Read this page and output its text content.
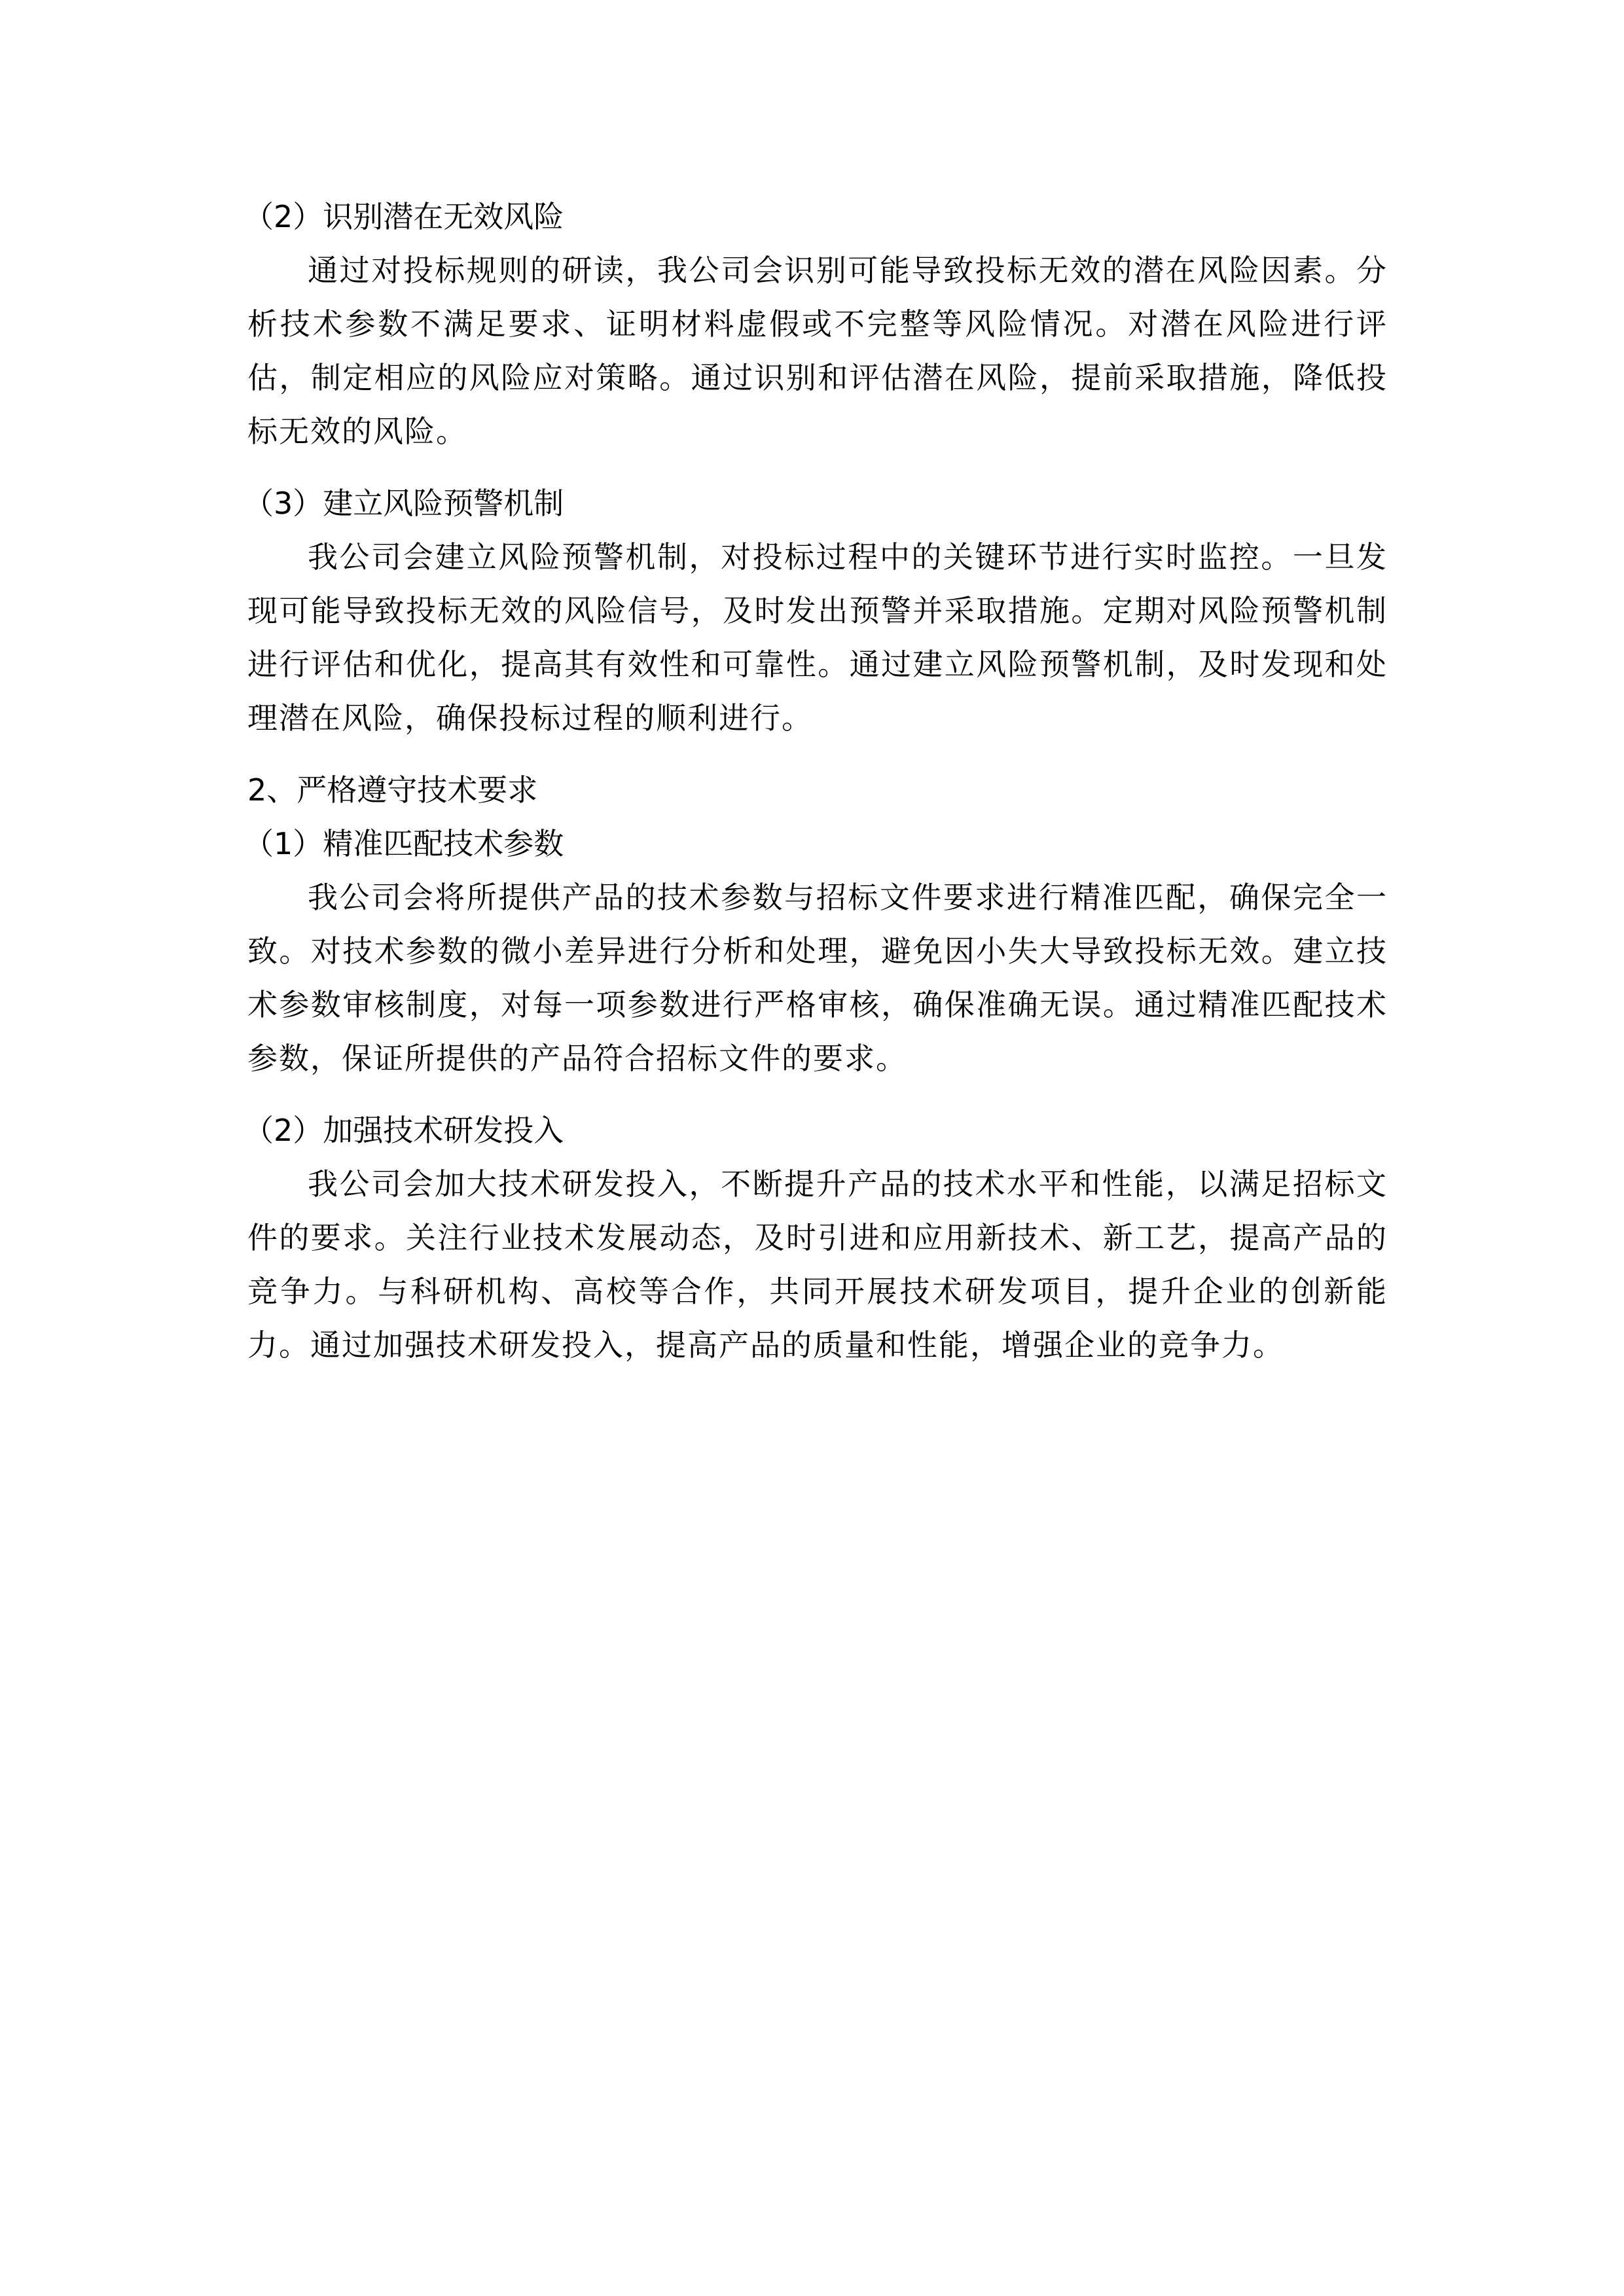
（2）识别潜在无效风险

通过对投标规则的研读，我公司会识别可能导致投标无效的潜在风险因素。分析技术参数不满足要求、证明材料虚假或不完整等风险情况。对潜在风险进行评估，制定相应的风险应对策略。通过识别和评估潜在风险，提前采取措施，降低投标无效的风险。

（3）建立风险预警机制

我公司会建立风险预警机制，对投标过程中的关键环节进行实时监控。一旦发现可能导致投标无效的风险信号，及时发出预警并采取措施。定期对风险预警机制进行评估和优化，提高其有效性和可靠性。通过建立风险预警机制，及时发现和处理潜在风险，确保投标过程的顺利进行。

2、严格遵守技术要求

（1）精准匹配技术参数

我公司会将所提供产品的技术参数与招标文件要求进行精准匹配，确保完全一致。对技术参数的微小差异进行分析和处理，避免因小失大导致投标无效。建立技术参数审核制度，对每一项参数进行严格审核，确保准确无误。通过精准匹配技术参数，保证所提供的产品符合招标文件的要求。

（2）加强技术研发投入

我公司会加大技术研发投入，不断提升产品的技术水平和性能，以满足招标文件的要求。关注行业技术发展动态，及时引进和应用新技术、新工艺，提高产品的竞争力。与科研机构、高校等合作，共同开展技术研发项目，提升企业的创新能力。通过加强技术研发投入，提高产品的质量和性能，增强企业的竞争力。
